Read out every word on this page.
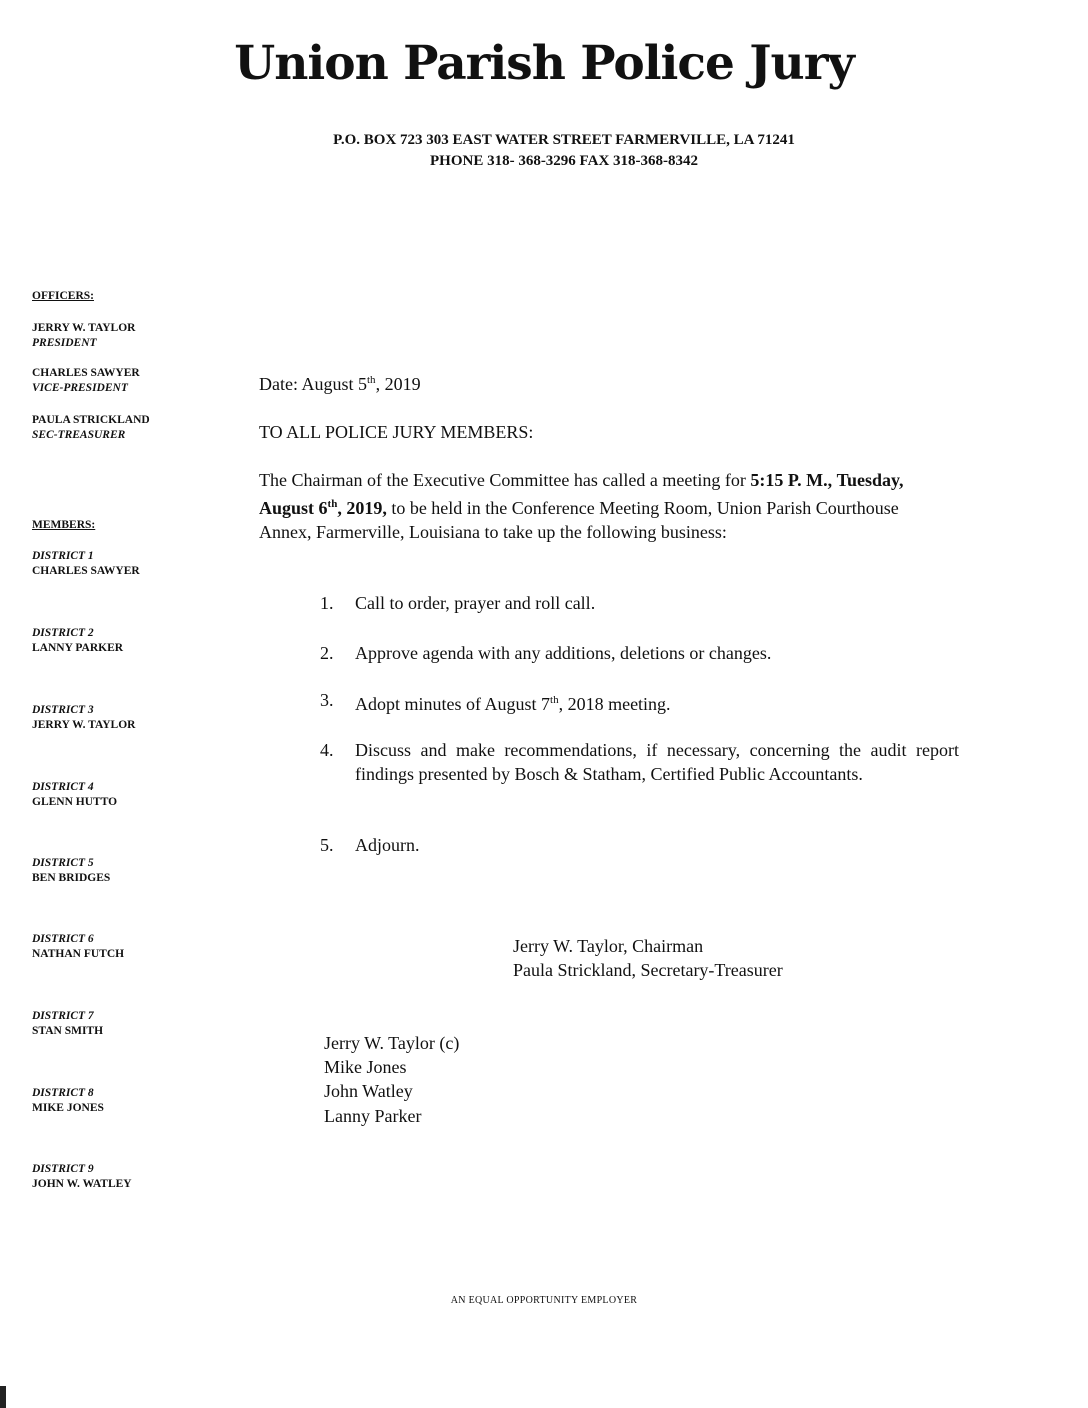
Union Parish Police Jury
P.O. BOX 723 303 EAST WATER STREET FARMERVILLE, LA 71241
PHONE 318- 368-3296 FAX 318-368-8342
OFFICERS:
JERRY W. TAYLOR
PRESIDENT
CHARLES SAWYER
VICE-PRESIDENT
PAULA STRICKLAND
SEC-TREASURER
MEMBERS:
DISTRICT 1
CHARLES SAWYER
DISTRICT 2
LANNY PARKER
DISTRICT 3
JERRY W. TAYLOR
DISTRICT 4
GLENN HUTTO
DISTRICT 5
BEN BRIDGES
DISTRICT 6
NATHAN FUTCH
DISTRICT 7
STAN SMITH
DISTRICT 8
MIKE JONES
DISTRICT 9
JOHN W. WATLEY
Date: August 5th, 2019
TO ALL POLICE JURY MEMBERS:
The Chairman of the Executive Committee has called a meeting for 5:15 P. M., Tuesday, August 6th, 2019, to be held in the Conference Meeting Room, Union Parish Courthouse Annex, Farmerville, Louisiana to take up the following business:
1. Call to order, prayer and roll call.
2. Approve agenda with any additions, deletions or changes.
3. Adopt minutes of August 7th, 2018 meeting.
4. Discuss and make recommendations, if necessary, concerning the audit report findings presented by Bosch & Statham, Certified Public Accountants.
5. Adjourn.
Jerry W. Taylor, Chairman
Paula Strickland, Secretary-Treasurer
Jerry W. Taylor (c)
Mike Jones
John Watley
Lanny Parker
AN EQUAL OPPORTUNITY EMPLOYER
